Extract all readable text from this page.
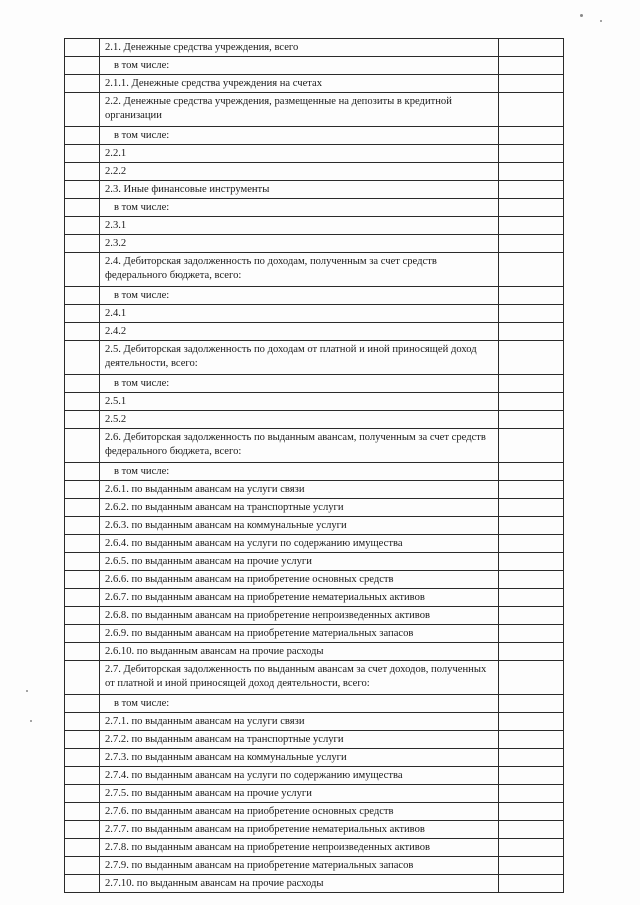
	2.1. Денежные средства учреждения, всего	

	в том числе:	

	2.1.1. Денежные средства учреждения на счетах	

	2.2. Денежные средства учреждения, размещенные на депозиты в кредитной организации	

	в том числе:	

	2.2.1	

	2.2.2	

	2.3. Иные финансовые инструменты	

	в том числе:	

	2.3.1	

	2.3.2	

	2.4. Дебиторская задолженность по доходам, полученным за счет средств федерального бюджета, всего:	

	в том числе:	

	2.4.1	

	2.4.2	

	2.5. Дебиторская задолженность по доходам от платной и иной приносящей доход деятельности, всего:	

	в том числе:	

	2.5.1	

	2.5.2	

	2.6. Дебиторская задолженность по выданным авансам, полученным за счет средств федерального бюджета, всего:	

	в том числе:	

	2.6.1. по выданным авансам на услуги связи	

	2.6.2. по выданным авансам на транспортные услуги	

	2.6.3. по выданным авансам на коммунальные услуги	

	2.6.4. по выданным авансам на услуги по содержанию имущества	

	2.6.5. по выданным авансам на прочие услуги	

	2.6.6. по выданным авансам на приобретение основных средств	

	2.6.7. по выданным авансам на приобретение нематериальных активов	

	2.6.8. по выданным авансам на приобретение непроизведенных активов	

	2.6.9. по выданным авансам на приобретение материальных запасов	

	2.6.10. по выданным авансам на прочие расходы	

	2.7. Дебиторская задолженность по выданным авансам за счет доходов, полученных от платной и иной приносящей доход деятельности, всего:	

	в том числе:	

	2.7.1. по выданным авансам на услуги связи	

	2.7.2. по выданным авансам на транспортные услуги	

	2.7.3. по выданным авансам на коммунальные услуги	

	2.7.4. по выданным авансам на услуги по содержанию имущества	

	2.7.5. по выданным авансам на прочие услуги	

	2.7.6. по выданным авансам на приобретение основных средств	

	2.7.7. по выданным авансам на приобретение нематериальных активов	

	2.7.8. по выданным авансам на приобретение непроизведенных активов	

	2.7.9. по выданным авансам на приобретение материальных запасов	

	2.7.10. по выданным авансам на прочие расходы	
